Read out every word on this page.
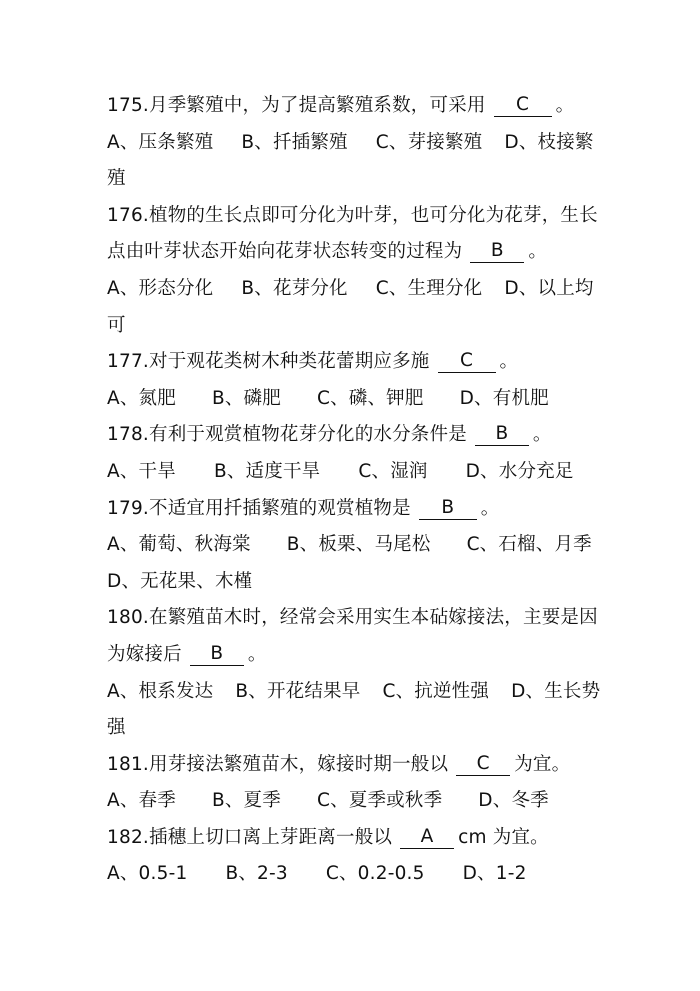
175.月季繁殖中，为了提高繁殖系数，可采用 C 。
A、压条繁殖 B、扦插繁殖 C、芽接繁殖 D、枝接繁
殖
176.植物的生长点即可分化为叶芽，也可分化为花芽，生长
点由叶芽状态开始向花芽状态转变的过程为 B 。
A、形态分化 B、花芽分化 C、生理分化 D、以上均
可
177.对于观花类树木种类花蕾期应多施 C 。
A、氮肥 B、磷肥 C、磷、钾肥 D、有机肥
178.有利于观赏植物花芽分化的水分条件是 B 。
A、干旱 B、适度干旱 C、湿润 D、水分充足
179.不适宜用扦插繁殖的观赏植物是 B 。
A、葡萄、秋海棠 B、板栗、马尾松 C、石榴、月季
D、无花果、木槿
180.在繁殖苗木时，经常会采用实生本砧嫁接法，主要是因
为嫁接后 B 。
A、根系发达 B、开花结果早 C、抗逆性强 D、生长势
强
181.用芽接法繁殖苗木，嫁接时期一般以 C 为宜。
A、春季 B、夏季 C、夏季或秋季 D、冬季
182.插穗上切口离上芽距离一般以 A cm 为宜。
A、0.5-1 B、2-3 C、0.2-0.5 D、1-2
